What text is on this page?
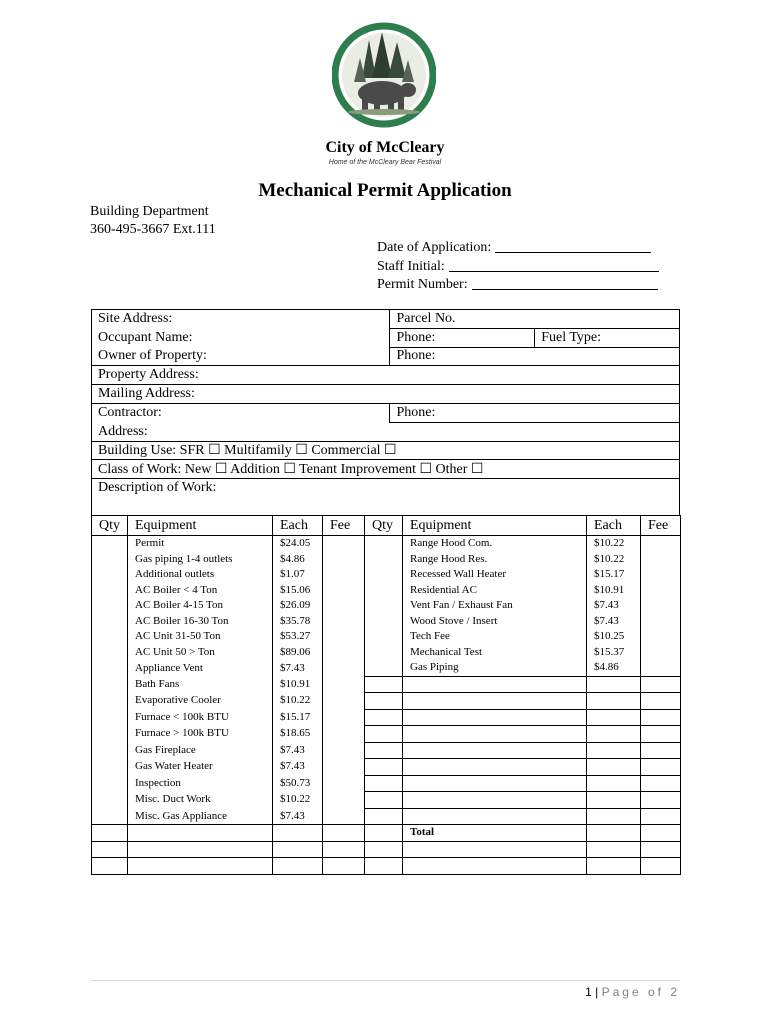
City of McCleary
Home of the McCleary Bear Festival
Mechanical Permit Application
Building Department
360-495-3667 Ext.111
Date of Application:
Staff Initial:
Permit Number:
Site Address:	Parcel No.	
Occupant Name:	Phone:	Fuel Type:
Owner of Property:	Phone:	
Property Address:		
Mailing Address:		
Contractor:	Phone:	
Address:		
Building Use: SFR ☐ Multifamily ☐ Commercial ☐		
Class of Work: New ☐ Addition ☐ Tenant Improvement ☐ Other ☐		
Description of Work:		

Qty	Equipment	Each	Fee	Qty	Equipment	Each	Fee
	Permit	$24.05			Range Hood Com.	$10.22	
	Gas piping 1-4 outlets	$4.86			Range Hood Res.	$10.22	
	Additional outlets	$1.07			Recessed Wall Heater	$15.17	
	AC Boiler < 4 Ton	$15.06			Residential AC	$10.91	
	AC Boiler 4-15 Ton	$26.09			Vent Fan / Exhaust Fan	$7.43	
	AC Boiler 16-30 Ton	$35.78			Wood Stove / Insert	$7.43	
	AC Unit 31-50 Ton	$53.27			Tech Fee	$10.25	
	AC Unit 50 > Ton	$89.06			Mechanical Test	$15.37	
	Appliance Vent	$7.43			Gas Piping	$4.86	
	Bath Fans	$10.91					
	Evaporative Cooler	$10.22					
	Furnace < 100k BTU	$15.17					
	Furnace > 100k BTU	$18.65					
	Gas Fireplace	$7.43					
	Gas Water Heater	$7.43					
	Inspection	$50.73					
	Misc. Duct Work	$10.22					
	Misc. Gas Appliance	$7.43					
					Total		

1 | Page of 2
